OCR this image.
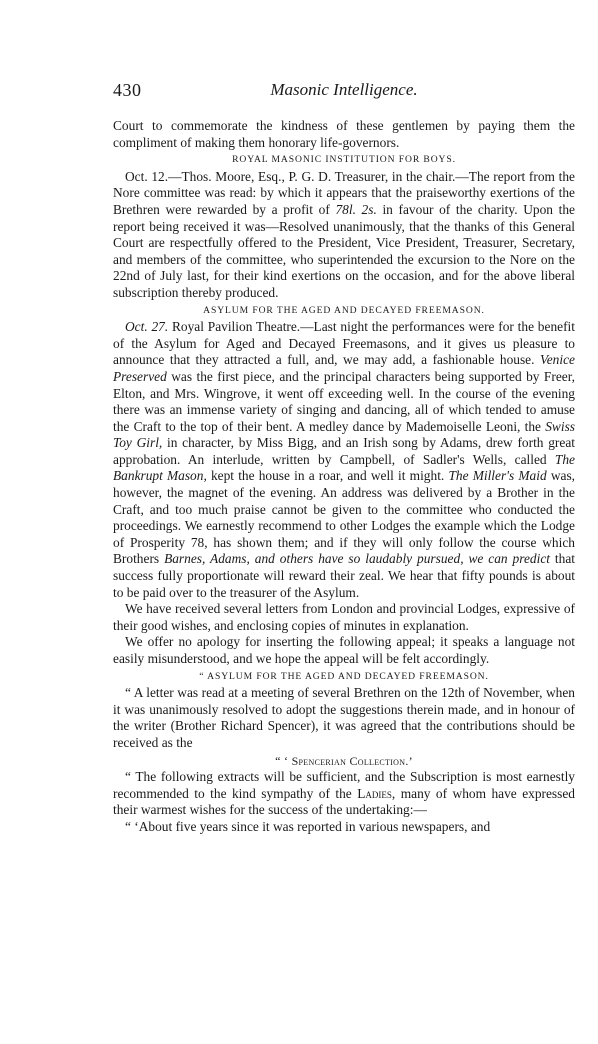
430	Masonic Intelligence.

Court to commemorate the kindness of these gentlemen by paying them the compliment of making them honorary life-governors.

ROYAL MASONIC INSTITUTION FOR BOYS.

Oct. 12.—Thos. Moore, Esq., P. G. D. Treasurer, in the chair.—The report from the Nore committee was read: by which it appears that the praiseworthy exertions of the Brethren were rewarded by a profit of 78l. 2s. in favour of the charity. Upon the report being received it was—Resolved unanimously, that the thanks of this General Court are respectfully offered to the President, Vice President, Treasurer, Secretary, and members of the committee, who superintended the excursion to the Nore on the 22nd of July last, for their kind exertions on the occasion, and for the above liberal subscription thereby produced.

ASYLUM FOR THE AGED AND DECAYED FREEMASON.

Oct. 27. Royal Pavilion Theatre.—Last night the performances were for the benefit of the Asylum for Aged and Decayed Freemasons, and it gives us pleasure to announce that they attracted a full, and, we may add, a fashionable house. Venice Preserved was the first piece, and the principal characters being supported by Freer, Elton, and Mrs. Wingrove, it went off exceeding well. In the course of the evening there was an immense variety of singing and dancing, all of which tended to amuse the Craft to the top of their bent. A medley dance by Mademoiselle Leoni, the Swiss Toy Girl, in character, by Miss Bigg, and an Irish song by Adams, drew forth great approbation. An interlude, written by Campbell, of Sadler's Wells, called The Bankrupt Mason, kept the house in a roar, and well it might. The Miller's Maid was, however, the magnet of the evening. An address was delivered by a Brother in the Craft, and too much praise cannot be given to the committee who conducted the proceedings. We earnestly recommend to other Lodges the example which the Lodge of Prosperity 78, has shown them; and if they will only follow the course which Brothers Barnes, Adams, and others have so laudably pursued, we can predict that success fully proportionate will reward their zeal. We hear that fifty pounds is about to be paid over to the treasurer of the Asylum.

We have received several letters from London and provincial Lodges, expressive of their good wishes, and enclosing copies of minutes in explanation.

We offer no apology for inserting the following appeal; it speaks a language not easily misunderstood, and we hope the appeal will be felt accordingly.

“ ASYLUM FOR THE AGED AND DECAYED FREEMASON.

“ A letter was read at a meeting of several Brethren on the 12th of November, when it was unanimously resolved to adopt the suggestions therein made, and in honour of the writer (Brother Richard Spencer), it was agreed that the contributions should be received as the

“ ‘ Spencerian Collection.’

“ The following extracts will be sufficient, and the Subscription is most earnestly recommended to the kind sympathy of the Ladies, many of whom have expressed their warmest wishes for the success of the undertaking:—

“ ‘About five years since it was reported in various newspapers, and
